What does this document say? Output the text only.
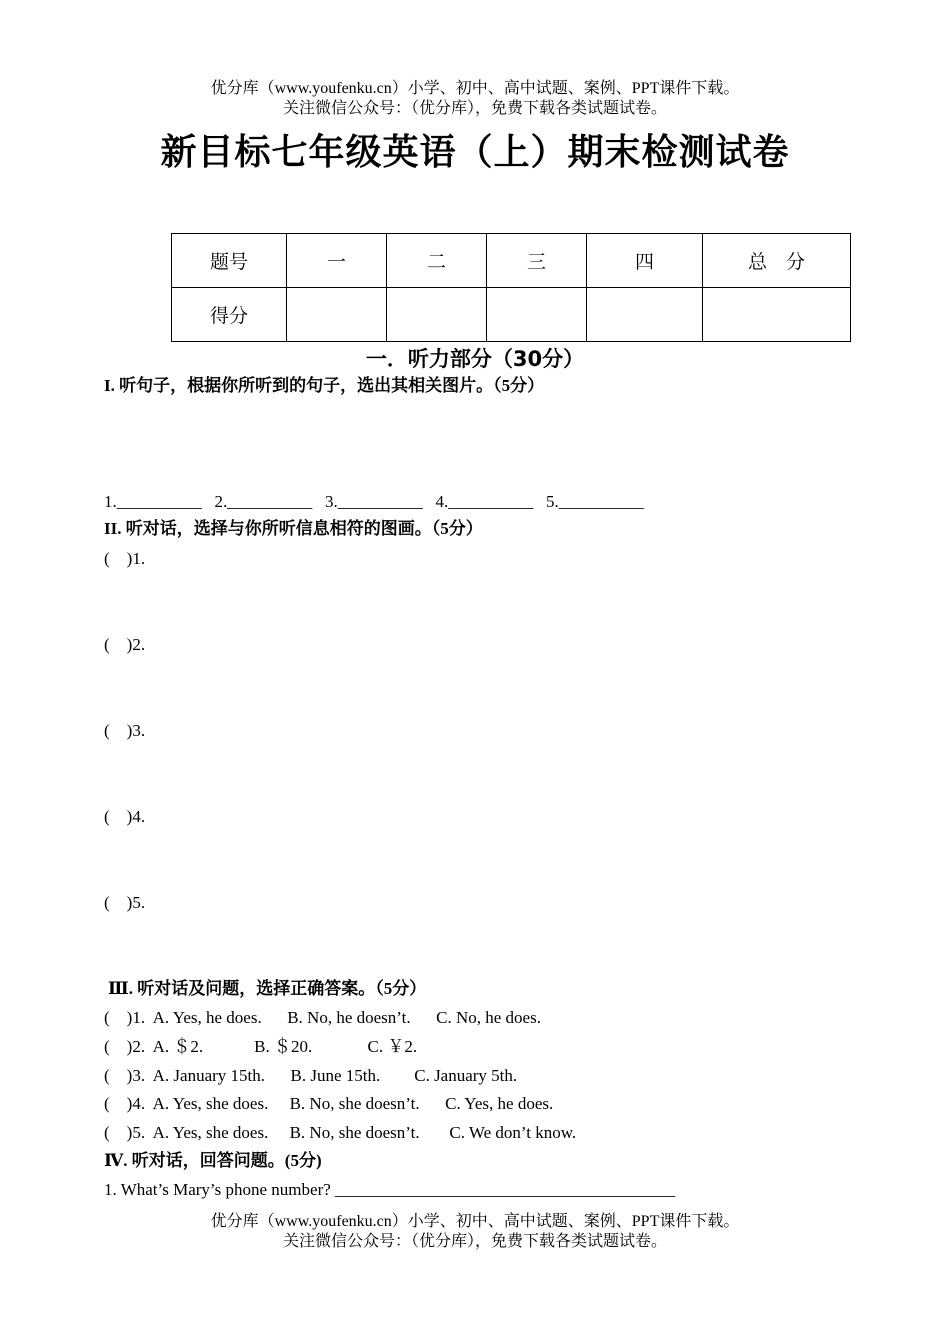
优分库（www.youfenku.cn）小学、初中、高中试题、案例、PPT课件下载。
关注微信公众号：（优分库），免费下载各类试题试卷。
新目标七年级英语（上）期末检测试卷
题号	一	二	三	四	总　分
得分					
一．听力部分（30分）
I. 听句子，根据你所听到的句子，选出其相关图片。（5分）
1.__________   2.__________   3.__________   4.__________   5.__________
II. 听对话，选择与你所听信息相符的图画。（5分）
(    )1.
(    )2.
(    )3.
(    )4.
(    )5.
Ⅲ. 听对话及问题，选择正确答案。（5分）
(    )1.  A. Yes, he does.      B. No, he doesn’t.      C. No, he does.
(    )2.  A. ＄2.            B. ＄20.             C. ￥2.
(    )3.  A. January 15th.      B. June 15th.        C. January 5th.
(    )4.  A. Yes, she does.     B. No, she doesn’t.      C. Yes, he does.
(    )5.  A. Yes, she does.     B. No, she doesn’t.       C. We don’t know.
Ⅳ. 听对话，回答问题。(5分)
1. What’s Mary’s phone number? ________________________________________
优分库（www.youfenku.cn）小学、初中、高中试题、案例、PPT课件下载。
关注微信公众号：（优分库），免费下载各类试题试卷。
